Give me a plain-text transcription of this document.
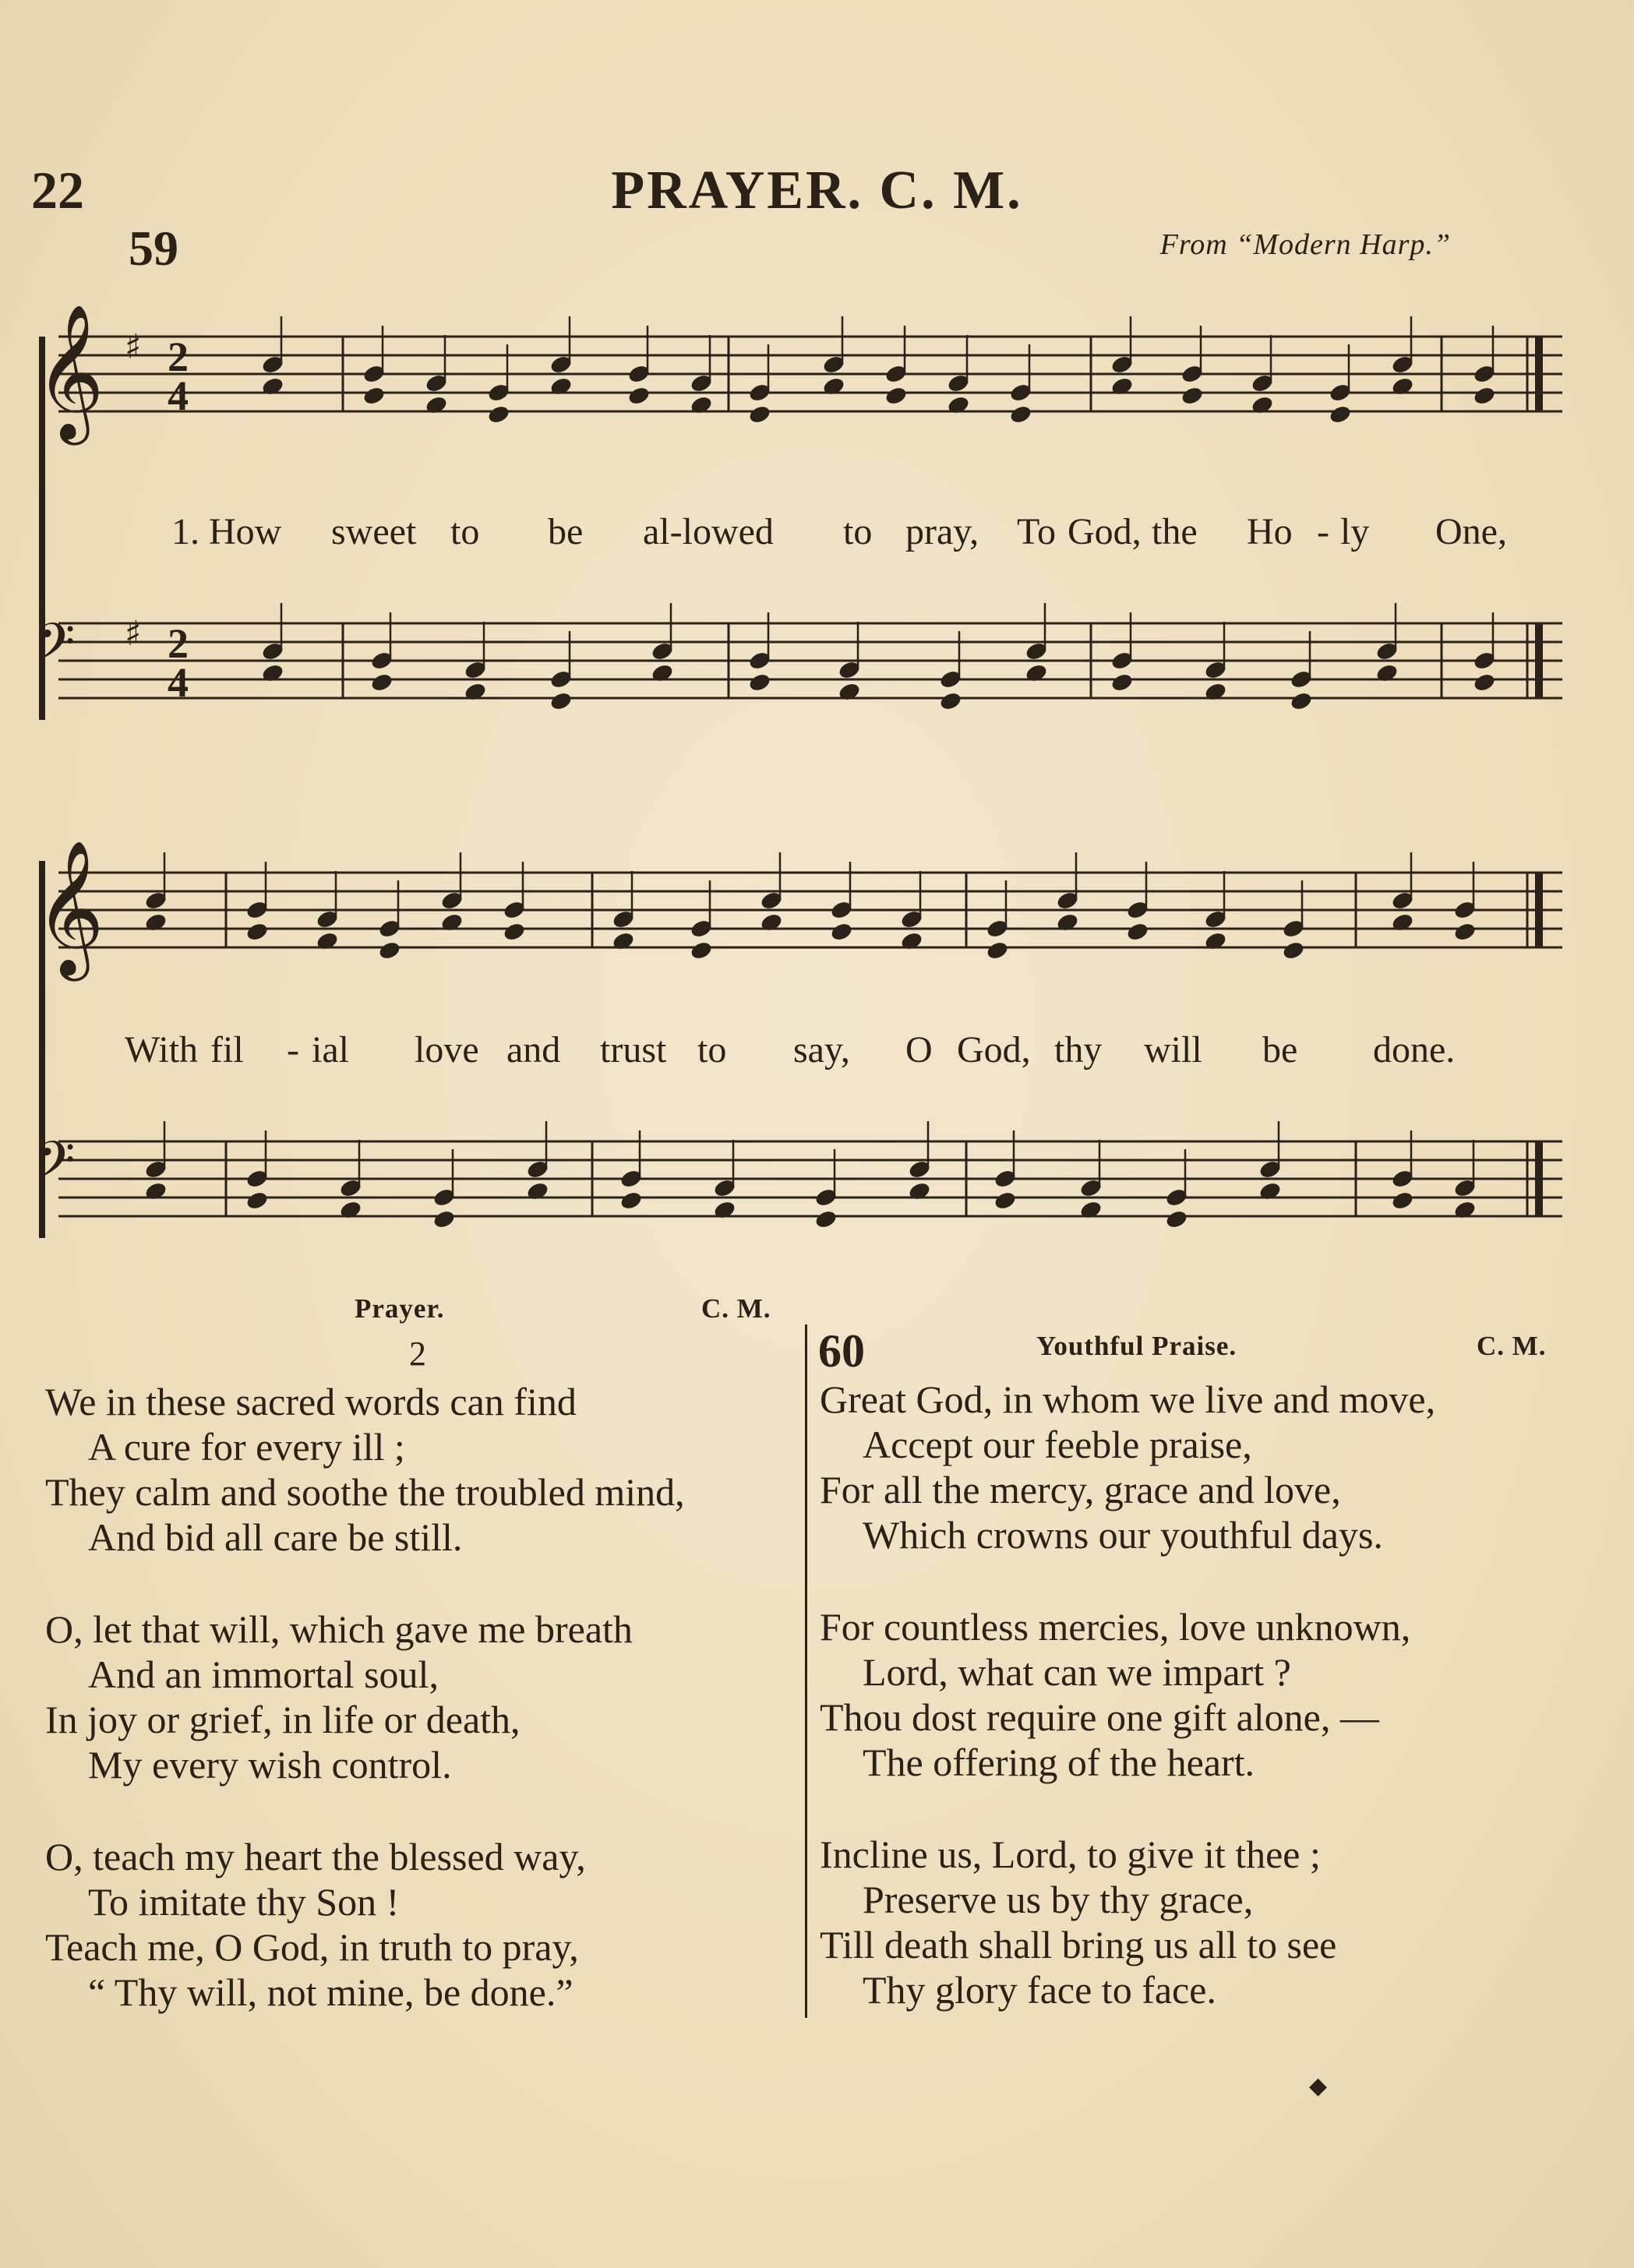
22	PRAYER. C. M.
59	From “Modern Harp.”
𝄞 ♯ 2
4
𝄢 ♯ 2
4
𝄞
𝄢
1. How sweet to be al-lowed to pray, To God, the Ho - ly One,
With fil - ial love and trust to say, O God, thy will be done.
Prayer.	C. M.
2
We in these sacred words can find
A cure for every ill ;
They calm and soothe the troubled mind,
And bid all care be still.
O, let that will, which gave me breath
And an immortal soul,
In joy or grief, in life or death,
My every wish control.
O, teach my heart the blessed way,
To imitate thy Son !
Teach me, O God, in truth to pray,
“ Thy will, not mine, be done.”
60	Youthful Praise.	C. M.
Great God, in whom we live and move,
Accept our feeble praise,
For all the mercy, grace and love,
Which crowns our youthful days.
For countless mercies, love unknown,
Lord, what can we impart ?
Thou dost require one gift alone, —
The offering of the heart.
Incline us, Lord, to give it thee ;
Preserve us by thy grace,
Till death shall bring us all to see
Thy glory face to face.
◆
